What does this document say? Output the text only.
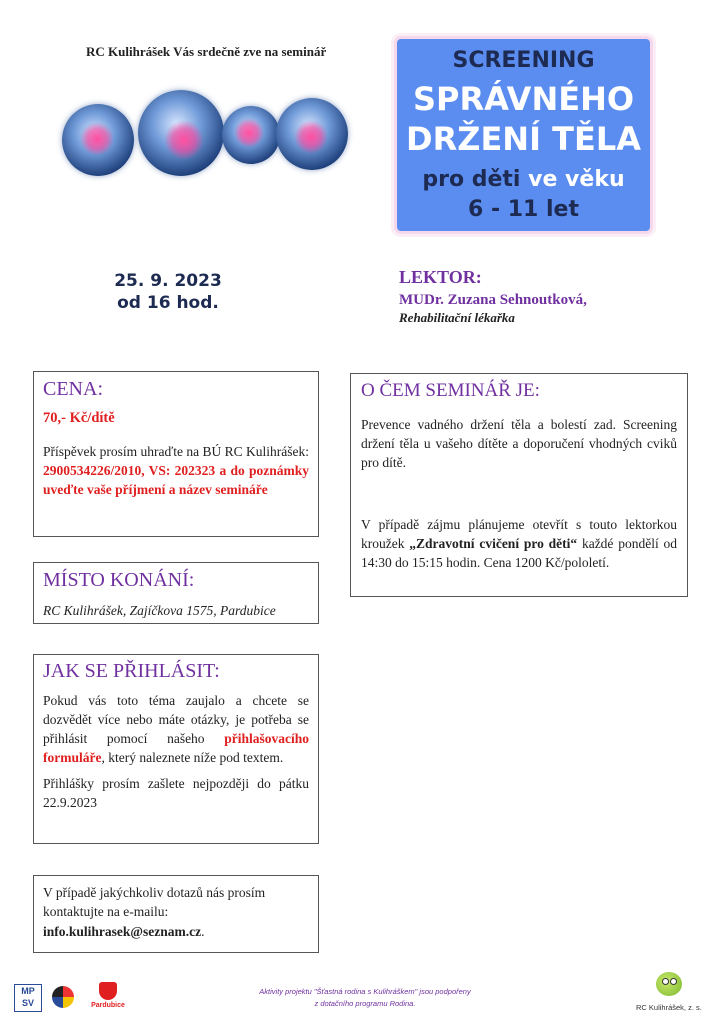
RC Kulihrášek Vás srdečně zve na seminář	SCREENING
SPRÁVNÉHO
DRŽENÍ TĚLA
pro děti ve věku
6 - 11 let
25. 9. 2023
od 16 hod.
LEKTOR:
MUDr. Zuzana Sehnoutková,
Rehabilitační lékařka
CENA:

70,- Kč/dítě

Příspěvek prosím uhraďte na BÚ RC Kulihrášek: 2900534226/2010, VS: 202323 a do poznámky uveďte vaše příjmení a název semináře

MÍSTO KONÁNÍ:

RC Kulihrášek, Zajíčkova 1575, Pardubice

JAK SE PŘIHLÁSIT:

Pokud vás toto téma zaujalo a chcete se dozvědět více nebo máte otázky, je potřeba se přihlásit pomocí našeho přihlašovacího formuláře, který naleznete níže pod textem.

Přihlášky prosím zašlete nejpozději do pátku 22.9.2023

V případě jakýchkoliv dotazů nás prosím kontaktujte na e-mailu:

info.kulihrasek@seznam.cz.

O ČEM SEMINÁŘ JE:

Prevence vadného držení těla a bolestí zad. Screening držení těla u vašeho dítěte a doporučení vhodných cviků pro dítě.

V případě zájmu plánujeme otevřít s touto lektorkou kroužek „Zdravotní cvičení pro děti“ každé pondělí od 14:30 do 15:15 hodin. Cena 1200 Kč/pololetí.

MP
SV	Pardubice
Aktivity projektu "Šťastná rodina s Kulihráškem" jsou podpořeny
z dotačního programu Rodina.	RC Kulihrášek, z. s.
